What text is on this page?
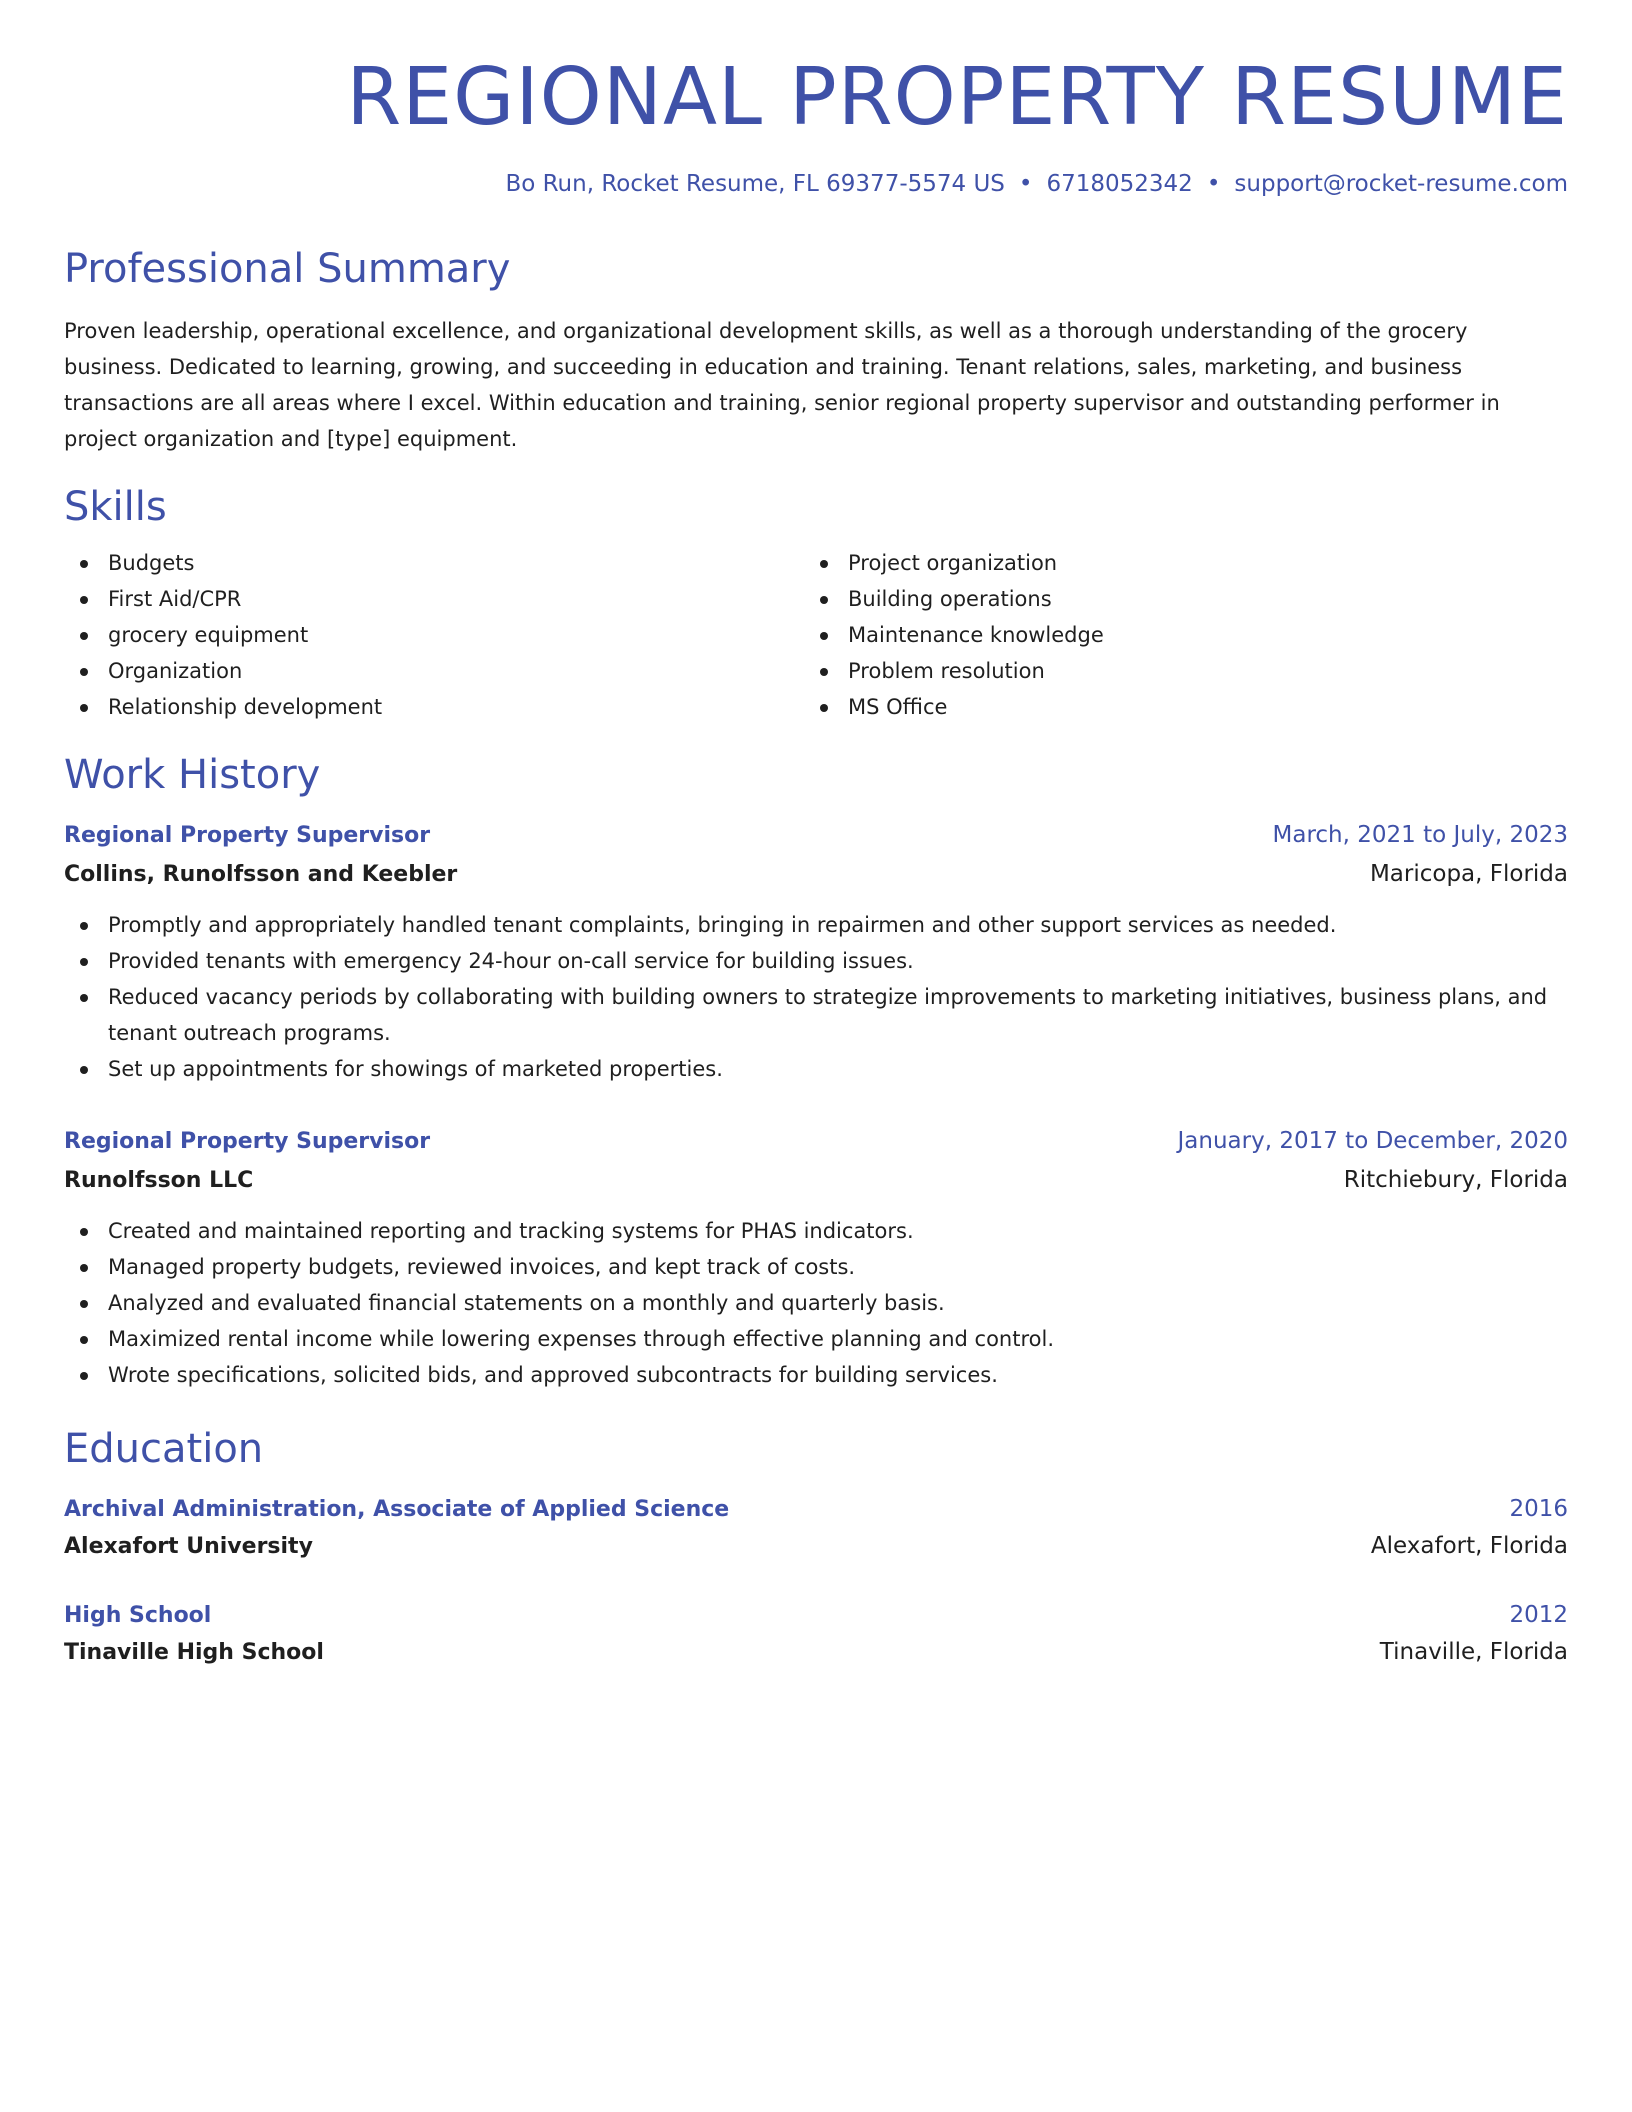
REGIONAL PROPERTY RESUME
Bo Run, Rocket Resume, FL 69377-5574 US • 6718052342 • support@rocket-resume.com
Professional Summary
Proven leadership, operational excellence, and organizational development skills, as well as a thorough understanding of the grocery business. Dedicated to learning, growing, and succeeding in education and training. Tenant relations, sales, marketing, and business transactions are all areas where I excel. Within education and training, senior regional property supervisor and outstanding performer in project organization and [type] equipment.
Skills
Budgets
First Aid/CPR
grocery equipment
Organization
Relationship development
Project organization
Building operations
Maintenance knowledge
Problem resolution
MS Office
Work History
Regional Property Supervisor	March, 2021 to July, 2023
Collins, Runolfsson and Keebler	Maricopa, Florida
Promptly and appropriately handled tenant complaints, bringing in repairmen and other support services as needed.
Provided tenants with emergency 24-hour on-call service for building issues.
Reduced vacancy periods by collaborating with building owners to strategize improvements to marketing initiatives, business plans, and tenant outreach programs.
Set up appointments for showings of marketed properties.
Regional Property Supervisor	January, 2017 to December, 2020
Runolfsson LLC	Ritchiebury, Florida
Created and maintained reporting and tracking systems for PHAS indicators.
Managed property budgets, reviewed invoices, and kept track of costs.
Analyzed and evaluated financial statements on a monthly and quarterly basis.
Maximized rental income while lowering expenses through effective planning and control.
Wrote specifications, solicited bids, and approved subcontracts for building services.
Education
Archival Administration, Associate of Applied Science	2016
Alexafort University	Alexafort, Florida
High School	2012
Tinaville High School	Tinaville, Florida
